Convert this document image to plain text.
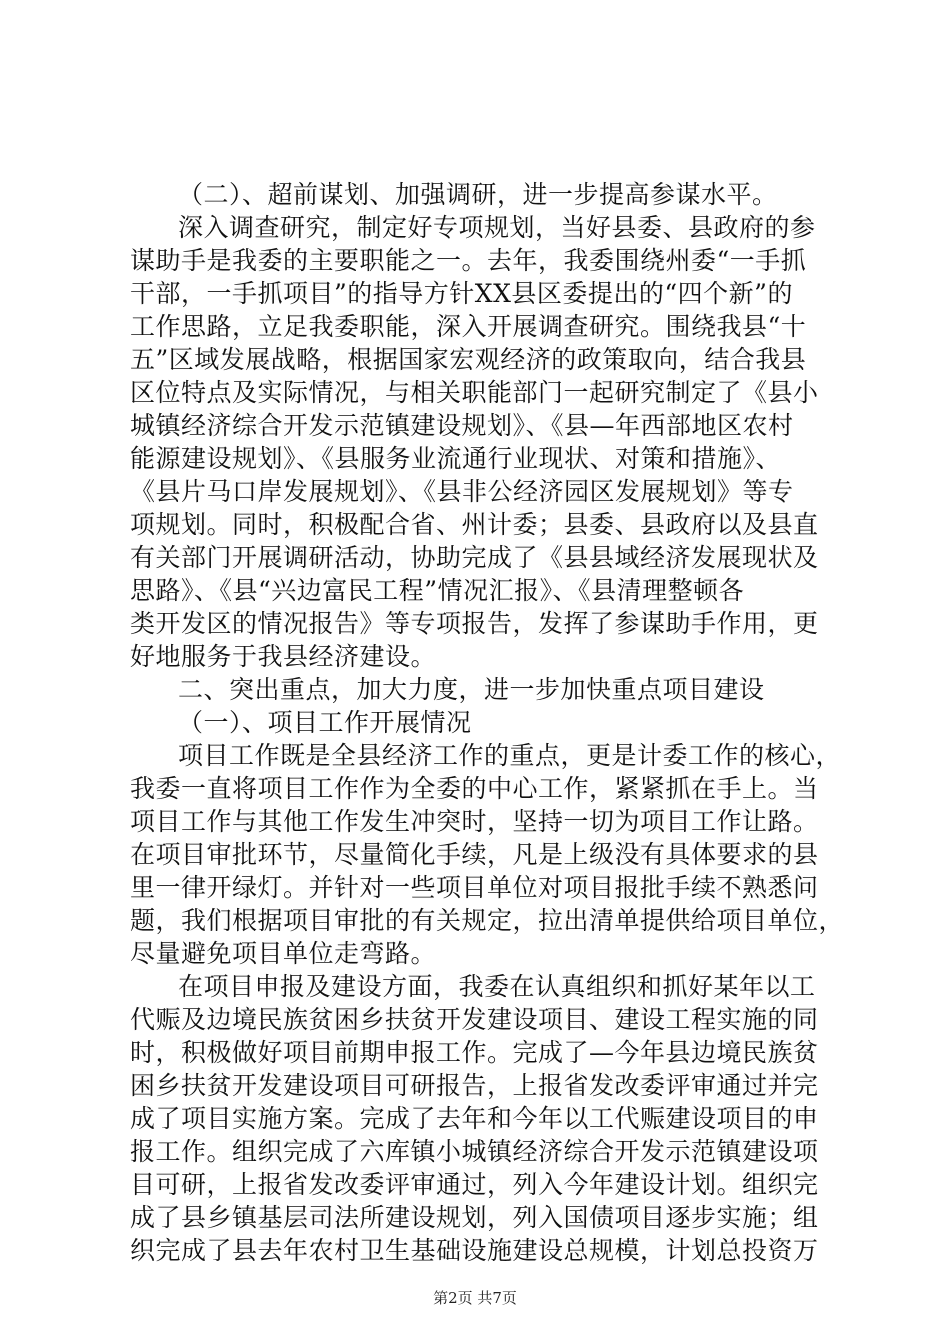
（二）、超前谋划、加强调研，进一步提高参谋水平。
深入调查研究，制定好专项规划，当好县委、县政府的参
谋助手是我委的主要职能之一。去年，我委围绕州委“一手抓
干部，一手抓项目”的指导方针XX县区委提出的“四个新”的
工作思路，立足我委职能，深入开展调查研究。围绕我县“十
五”区域发展战略，根据国家宏观经济的政策取向，结合我县
区位特点及实际情况，与相关职能部门一起研究制定了《县小
城镇经济综合开发示范镇建设规划》、《县—年西部地区农村
能源建设规划》、《县服务业流通行业现状、对策和措施》、
《县片马口岸发展规划》、《县非公经济园区发展规划》等专
项规划。同时，积极配合省、州计委；县委、县政府以及县直
有关部门开展调研活动，协助完成了《县县域经济发展现状及
思路》、《县“兴边富民工程”情况汇报》、《县清理整顿各
类开发区的情况报告》等专项报告，发挥了参谋助手作用，更
好地服务于我县经济建设。
二、突出重点，加大力度，进一步加快重点项目建设
（一）、项目工作开展情况
项目工作既是全县经济工作的重点，更是计委工作的核心，
我委一直将项目工作作为全委的中心工作，紧紧抓在手上。当
项目工作与其他工作发生冲突时，坚持一切为项目工作让路。
在项目审批环节，尽量简化手续，凡是上级没有具体要求的县
里一律开绿灯。并针对一些项目单位对项目报批手续不熟悉问
题，我们根据项目审批的有关规定，拉出清单提供给项目单位，
尽量避免项目单位走弯路。
在项目申报及建设方面，我委在认真组织和抓好某年以工
代赈及边境民族贫困乡扶贫开发建设项目、建设工程实施的同
时，积极做好项目前期申报工作。完成了—今年县边境民族贫
困乡扶贫开发建设项目可研报告，上报省发改委评审通过并完
成了项目实施方案。完成了去年和今年以工代赈建设项目的申
报工作。组织完成了六库镇小城镇经济综合开发示范镇建设项
目可研，上报省发改委评审通过，列入今年建设计划。组织完
成了县乡镇基层司法所建设规划，列入国债项目逐步实施；组
织完成了县去年农村卫生基础设施建设总规模，计划总投资万
第2页 共7页
